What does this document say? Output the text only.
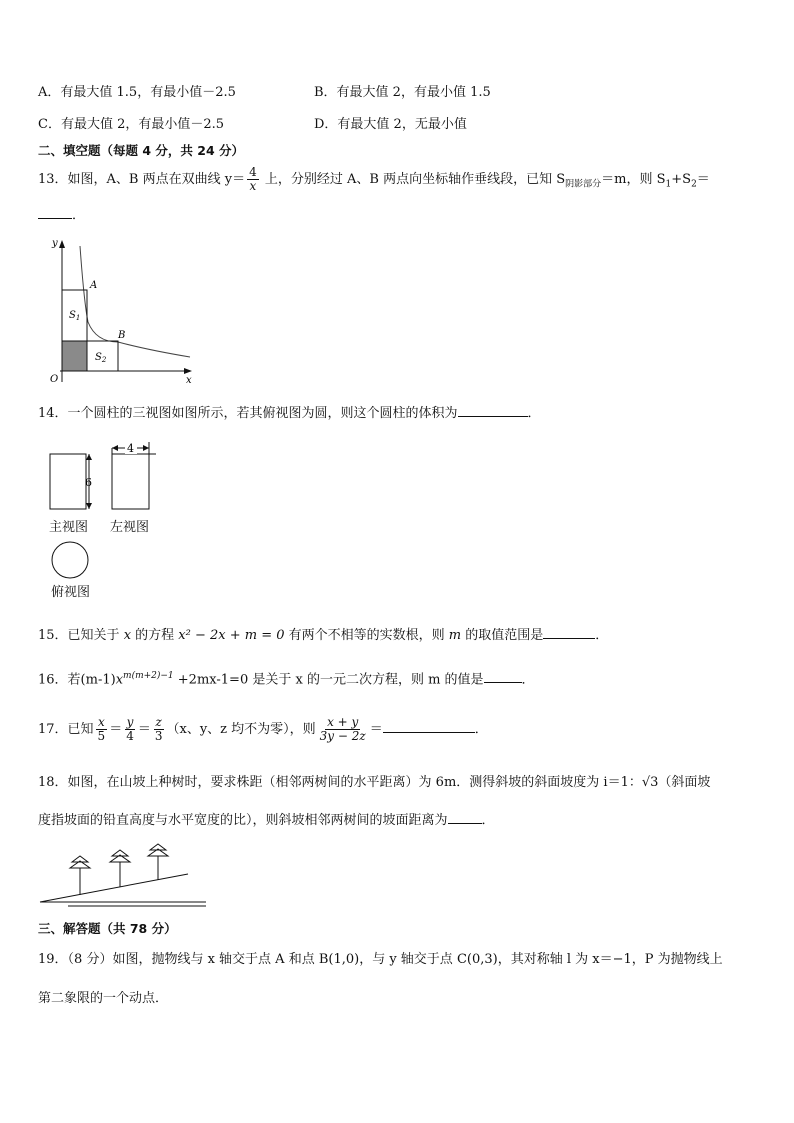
A．有最大值 1.5，有最小值－2.5	B．有最大值 2，有最小值 1.5
C．有最大值 2，有最小值－2.5	D．有最大值 2，无最小值
二、填空题（每题 4 分，共 24 分）
13．如图，A、B 两点在双曲线 $y= \frac{4}{x}$ 上，分别经过 A、B 两点向坐标轴作垂线段，已知 $S_{阴影部分}=m$，则 $S_1+S_2=$
．
y
x
O
A
B
$S_1$
$S_2$
14．一个圆柱的三视图如图所示，若其俯视图为圆，则这个圆柱的体积为	．
6
4
主视图 左视图
俯视图
15．已知关于 x 的方程 x² − 2x + m = 0 有两个不相等的实数根，则 m 的取值范围是	．
16．若$(m-1)x^{m(m+2)-1} +2mx-1=0$ 是关于 x 的一元二次方程，则 m 的值是	．
17．已知 $\frac{x}{5} = \frac{y}{4} = \frac{z}{3} (x$、y、z 均不为零），则 $\frac{x + y}{3y - 2z}$ ＝	．
18．如图，在山坡上种树时，要求株距（相邻两树间的水平距离）为 6m．测得斜坡的斜面坡度为 i＝1：√3（斜面坡
度指坡面的铅直高度与水平宽度的比），则斜坡相邻两树间的坡面距离为	．
三、解答题（共 78 分）
19．（8 分）如图，抛物线与 x 轴交于点 A 和点 B(1,0)，与 y 轴交于点 C(0,3)，其对称轴 l 为 x＝−1，P 为抛物线上
第二象限的一个动点．
